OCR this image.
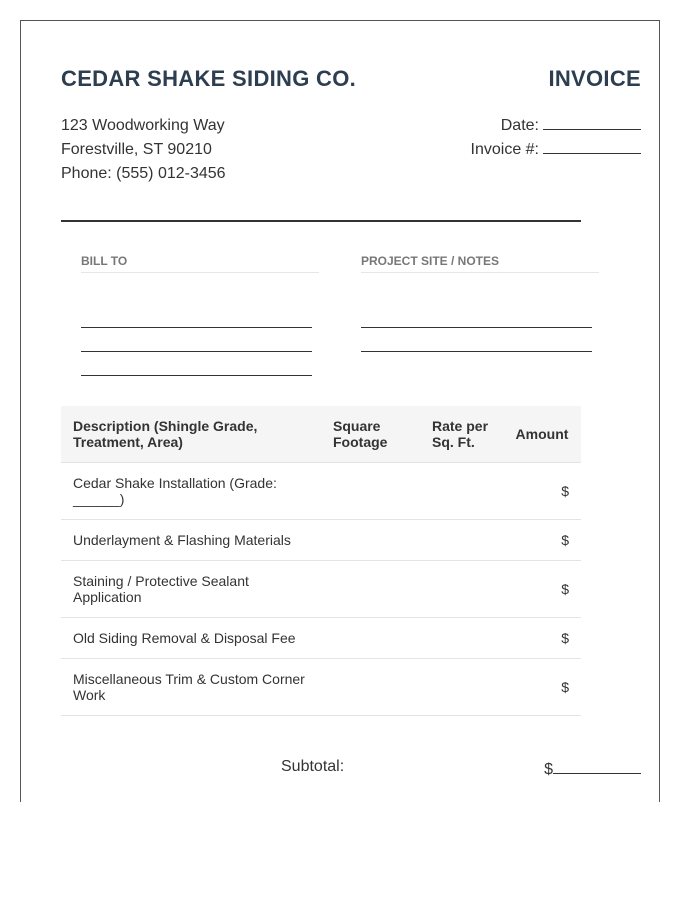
CEDAR SHAKE SIDING CO.	INVOICE
123 Woodworking Way
Forestville, ST 90210
Phone: (555) 012-3456
Date:
Invoice #:
BILL TO	PROJECT SITE / NOTES
Description (Shingle Grade, Treatment, Area)	Square Footage	Rate per Sq. Ft.	Amount
Cedar Shake Installation (Grade: ______)			$
Underlayment & Flashing Materials			$
Staining / Protective Sealant Application			$
Old Siding Removal & Disposal Fee			$
Miscellaneous Trim & Custom Corner Work			$
Subtotal:	$
